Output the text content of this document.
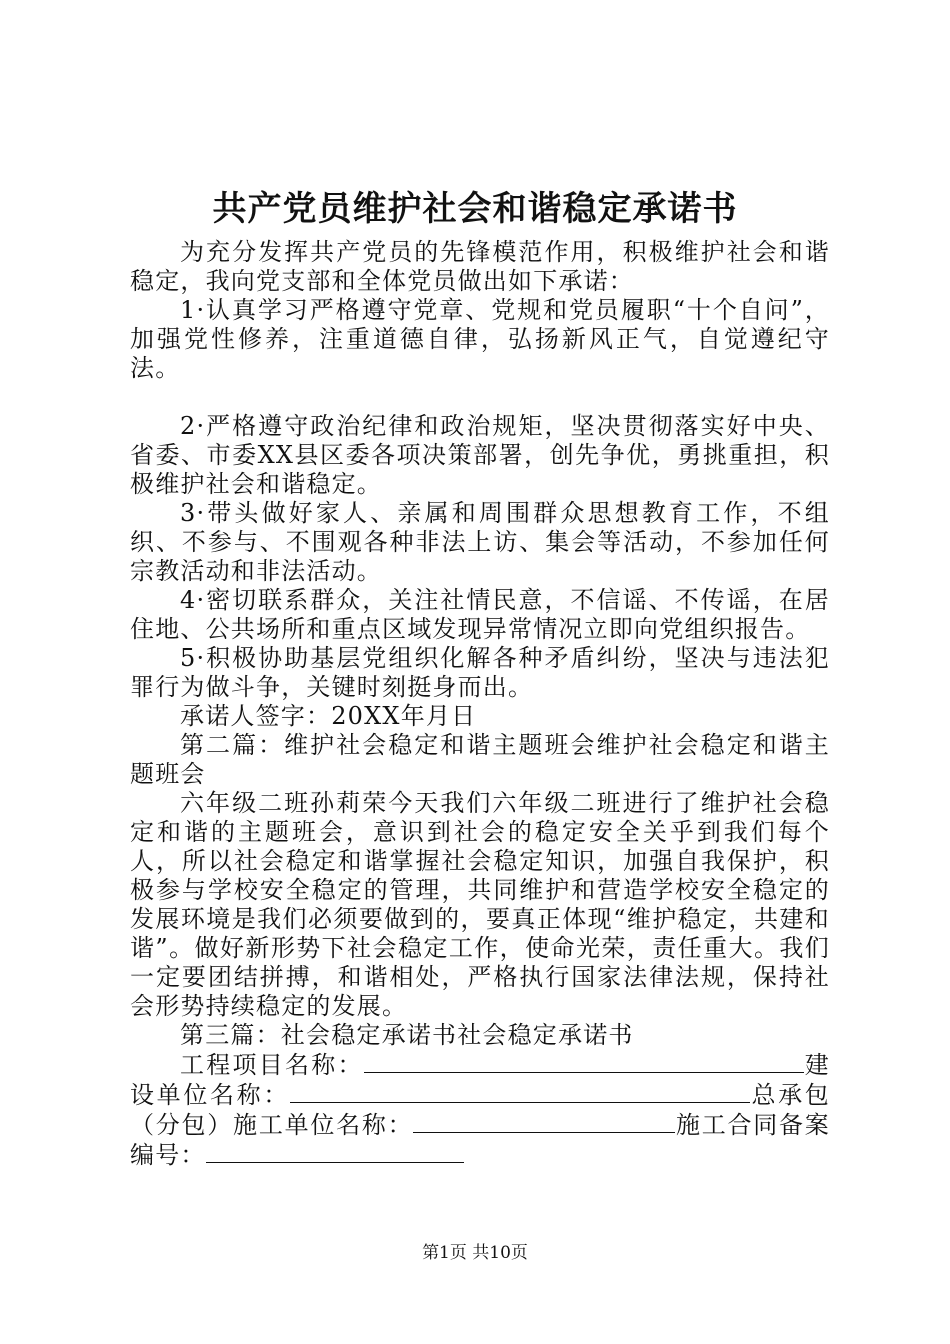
共产党员维护社会和谐稳定承诺书

为充分发挥共产党员的先锋模范作用，积极维护社会和谐稳定，我向党支部和全体党员做出如下承诺：

1·认真学习严格遵守党章、党规和党员履职“十个自问”，加强党性修养，注重道德自律，弘扬新风正气，自觉遵纪守法。

2·严格遵守政治纪律和政治规矩，坚决贯彻落实好中央、省委、市委XX县区委各项决策部署，创先争优，勇挑重担，积极维护社会和谐稳定。

3·带头做好家人、亲属和周围群众思想教育工作，不组织、不参与、不围观各种非法上访、集会等活动，不参加任何宗教活动和非法活动。

4·密切联系群众，关注社情民意，不信谣、不传谣，在居住地、公共场所和重点区域发现异常情况立即向党组织报告。

5·积极协助基层党组织化解各种矛盾纠纷，坚决与违法犯罪行为做斗争，关键时刻挺身而出。

承诺人签字：20XX年月日

第二篇：维护社会稳定和谐主题班会维护社会稳定和谐主题班会

六年级二班孙莉荣今天我们六年级二班进行了维护社会稳定和谐的主题班会，意识到社会的稳定安全关乎到我们每个人，所以社会稳定和谐掌握社会稳定知识，加强自我保护，积极参与学校安全稳定的管理，共同维护和营造学校安全稳定的发展环境是我们必须要做到的，要真正体现“维护稳定，共建和谐”。做好新形势下社会稳定工作，使命光荣，责任重大。我们一定要团结拼搏，和谐相处，严格执行国家法律法规，保持社会形势持续稳定的发展。

第三篇：社会稳定承诺书社会稳定承诺书

工程项目名称：	建设单位名称：	总承包（分包）施工单位名称：	施工合同备案编号：

第1页 共10页
